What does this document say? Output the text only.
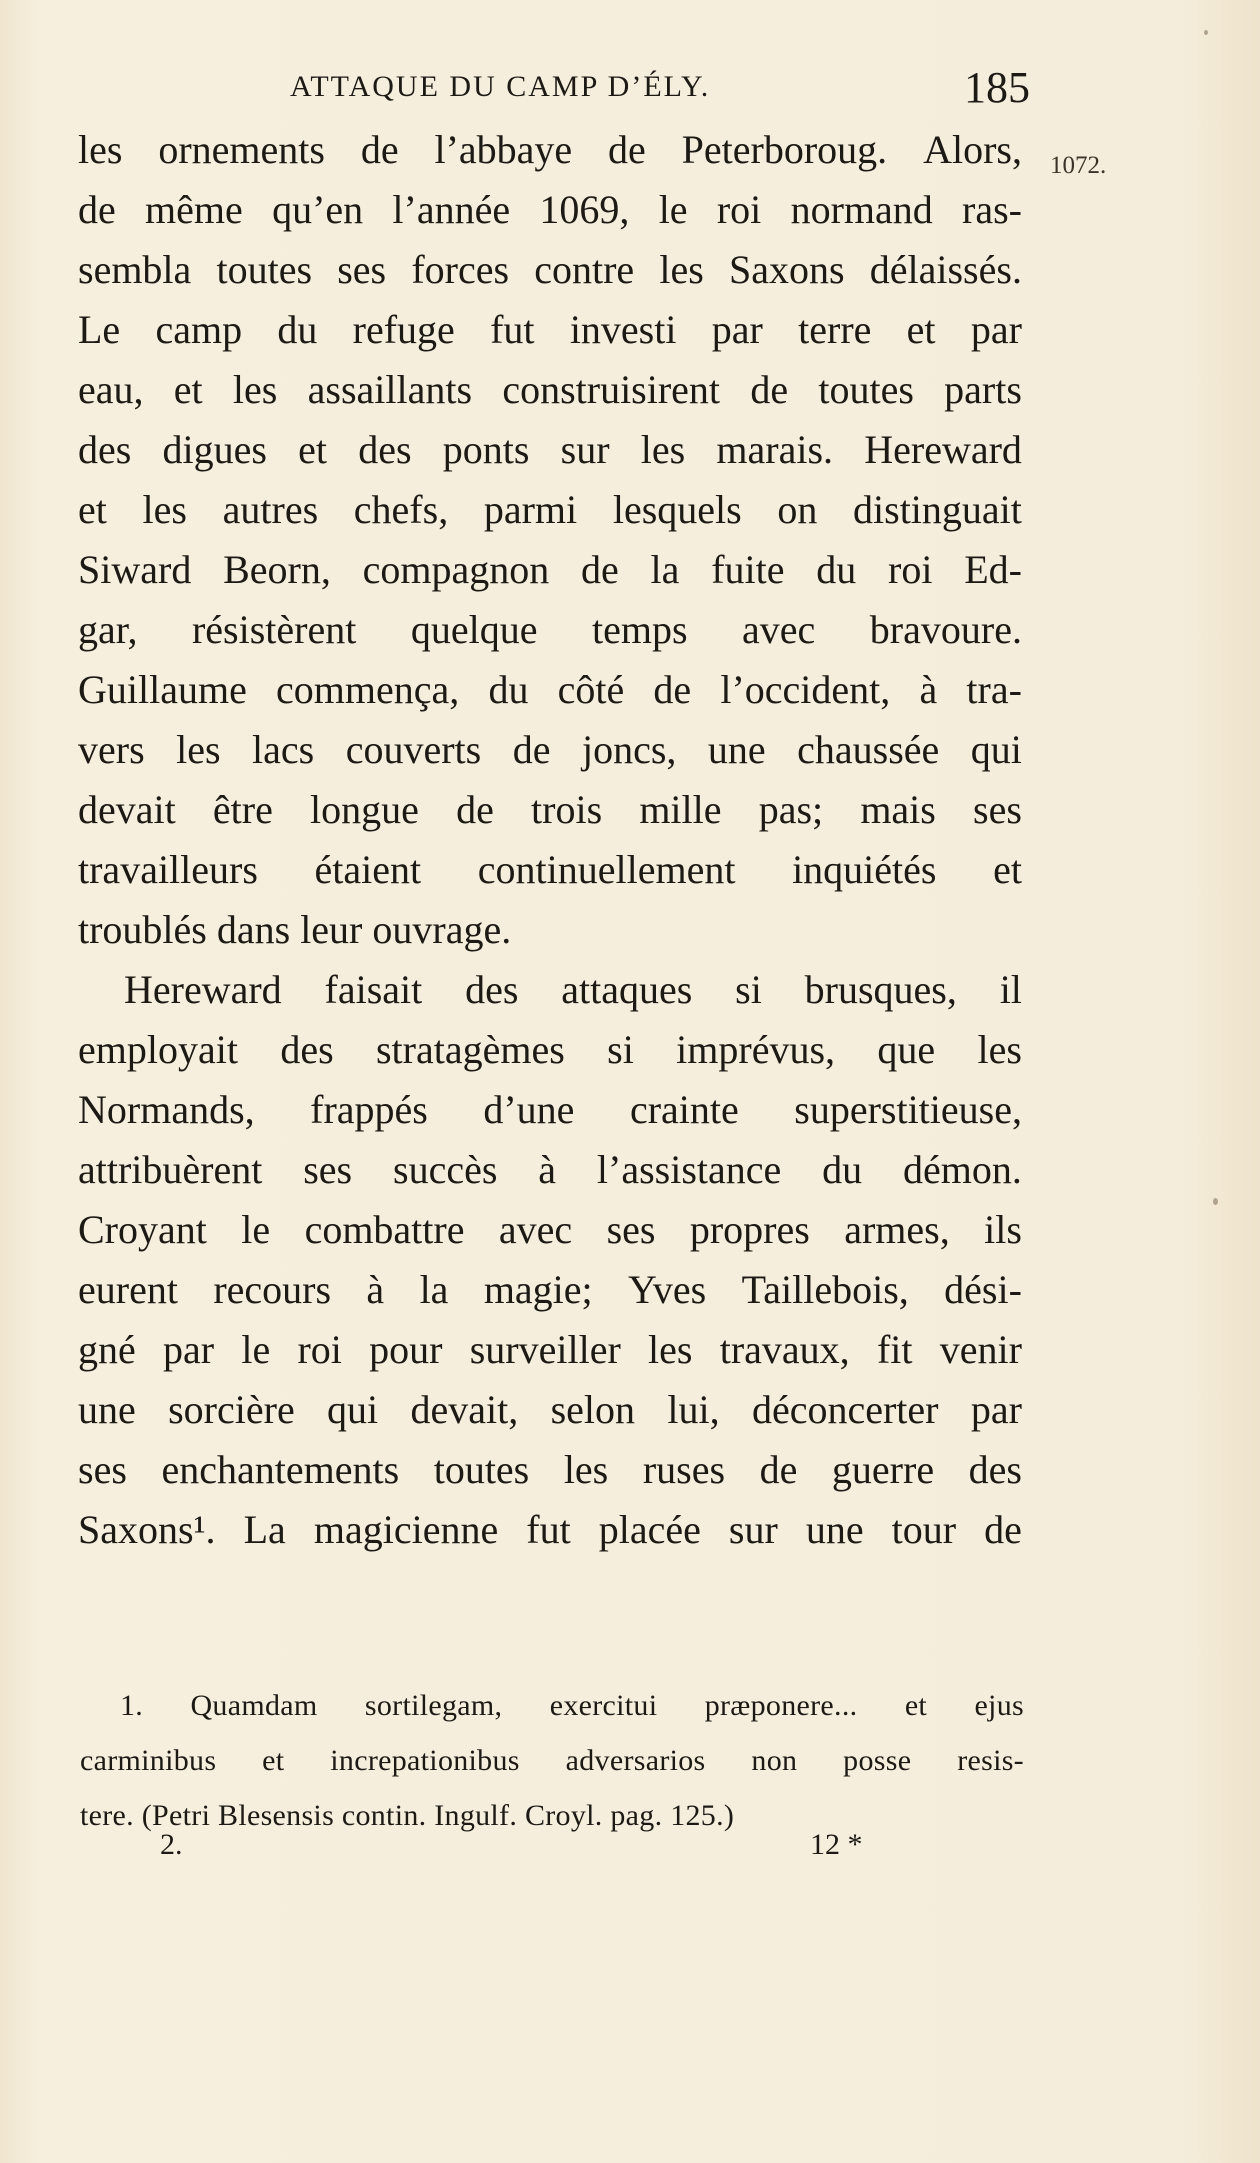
ATTAQUE DU CAMP D’ÉLY.	185
1072.
les ornements de l’abbaye de Peterboroug. Alors,
de même qu’en l’année 1069, le roi normand ras-
sembla toutes ses forces contre les Saxons délaissés.
Le camp du refuge fut investi par terre et par
eau, et les assaillants construisirent de toutes parts
des digues et des ponts sur les marais. Hereward
et les autres chefs, parmi lesquels on distinguait
Siward Beorn, compagnon de la fuite du roi Ed-
gar, résistèrent quelque temps avec bravoure.
Guillaume commença, du côté de l’occident, à tra-
vers les lacs couverts de joncs, une chaussée qui
devait être longue de trois mille pas; mais ses
travailleurs étaient continuellement inquiétés et
troublés dans leur ouvrage.
Hereward faisait des attaques si brusques, il
employait des stratagèmes si imprévus, que les
Normands, frappés d’une crainte superstitieuse,
attribuèrent ses succès à l’assistance du démon.
Croyant le combattre avec ses propres armes, ils
eurent recours à la magie; Yves Taillebois, dési-
gné par le roi pour surveiller les travaux, fit venir
une sorcière qui devait, selon lui, déconcerter par
ses enchantements toutes les ruses de guerre des
Saxons¹. La magicienne fut placée sur une tour de
1. Quamdam sortilegam, exercitui præponere... et ejus
carminibus et increpationibus adversarios non posse resis-
tere. (Petri Blesensis contin. Ingulf. Croyl. pag. 125.)
2.	12 *
